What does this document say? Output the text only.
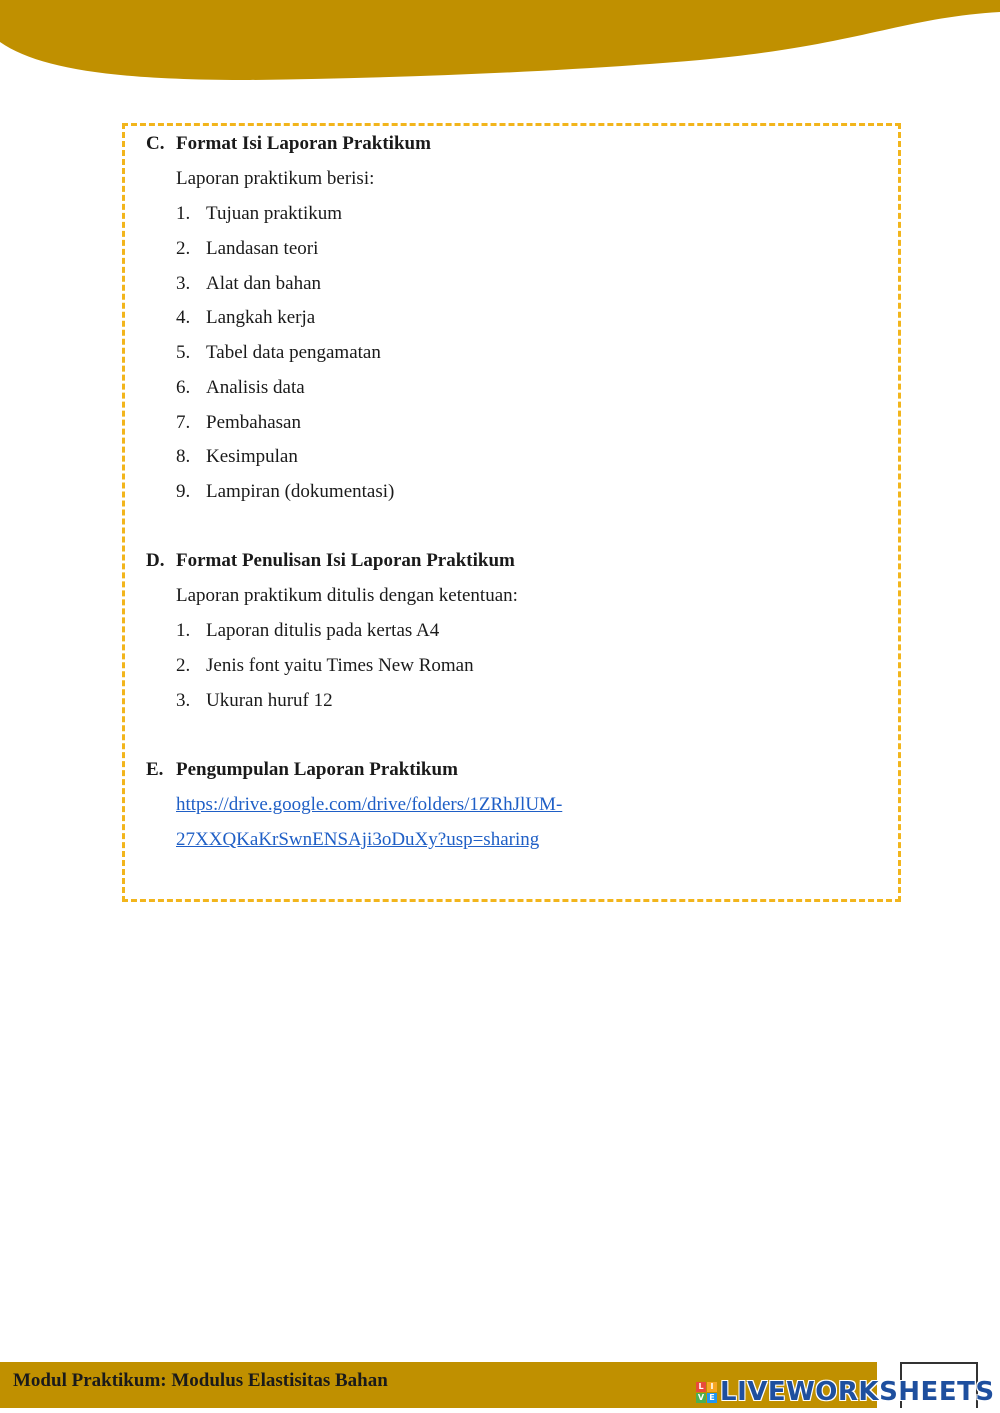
C. Format Isi Laporan Praktikum
Laporan praktikum berisi:
1. Tujuan praktikum
2. Landasan teori
3. Alat dan bahan
4. Langkah kerja
5. Tabel data pengamatan
6. Analisis data
7. Pembahasan
8. Kesimpulan
9. Lampiran (dokumentasi)
D. Format Penulisan Isi Laporan Praktikum
Laporan praktikum ditulis dengan ketentuan:
1. Laporan ditulis pada kertas A4
2. Jenis font yaitu Times New Roman
3. Ukuran huruf 12
E. Pengumpulan Laporan Praktikum
https://drive.google.com/drive/folders/1ZRhJlUM-
27XXQKaKrSwnENSAji3oDuXy?usp=sharing
Modul Praktikum: Modulus Elastisitas Bahan	L I
V E LIVEWORKSHEETS
